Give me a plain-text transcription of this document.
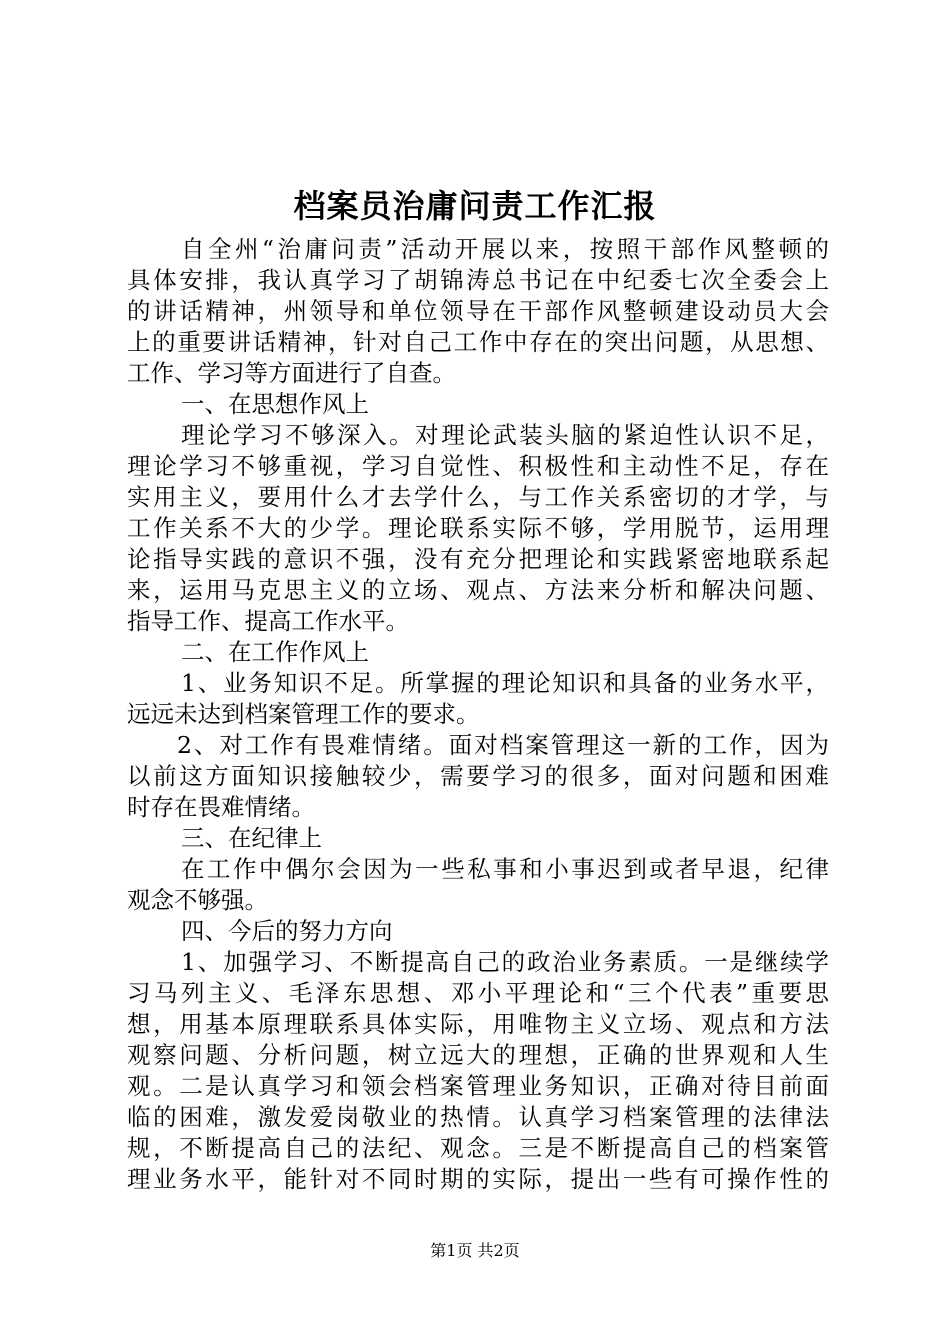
档案员治庸问责工作汇报
自全州“治庸问责”活动开展以来，按照干部作风整顿的
具体安排，我认真学习了胡锦涛总书记在中纪委七次全委会上
的讲话精神，州领导和单位领导在干部作风整顿建设动员大会
上的重要讲话精神，针对自己工作中存在的突出问题，从思想、
工作、学习等方面进行了自查。
一、在思想作风上
理论学习不够深入。对理论武装头脑的紧迫性认识不足，
理论学习不够重视，学习自觉性、积极性和主动性不足，存在
实用主义，要用什么才去学什么，与工作关系密切的才学，与
工作关系不大的少学。理论联系实际不够，学用脱节，运用理
论指导实践的意识不强，没有充分把理论和实践紧密地联系起
来，运用马克思主义的立场、观点、方法来分析和解决问题、
指导工作、提高工作水平。
二、在工作作风上
1、业务知识不足。所掌握的理论知识和具备的业务水平，
远远未达到档案管理工作的要求。
2、对工作有畏难情绪。面对档案管理这一新的工作，因为
以前这方面知识接触较少，需要学习的很多，面对问题和困难
时存在畏难情绪。
三、在纪律上
在工作中偶尔会因为一些私事和小事迟到或者早退，纪律
观念不够强。
四、今后的努力方向
1、加强学习、不断提高自己的政治业务素质。一是继续学
习马列主义、毛泽东思想、邓小平理论和“三个代表”重要思
想，用基本原理联系具体实际，用唯物主义立场、观点和方法
观察问题、分析问题，树立远大的理想，正确的世界观和人生
观。二是认真学习和领会档案管理业务知识，正确对待目前面
临的困难，激发爱岗敬业的热情。认真学习档案管理的法律法
规，不断提高自己的法纪、观念。三是不断提高自己的档案管
理业务水平，能针对不同时期的实际，提出一些有可操作性的
第1页 共2页
